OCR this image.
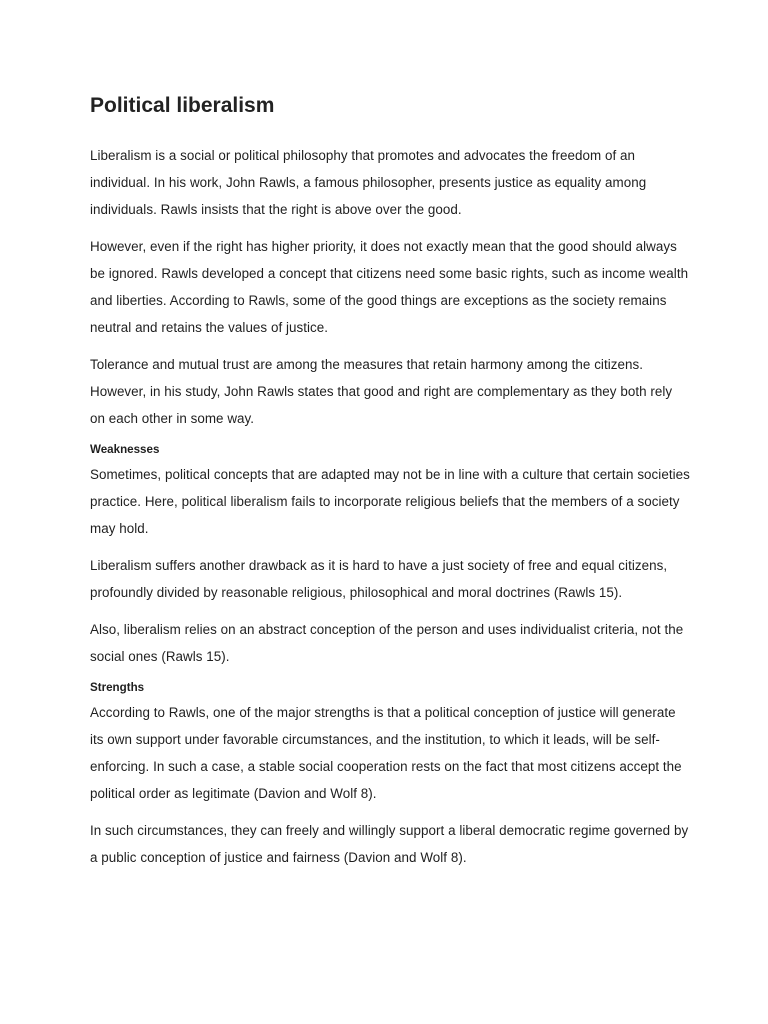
Political liberalism

Liberalism is a social or political philosophy that promotes and advocates the freedom of an individual. In his work, John Rawls, a famous philosopher, presents justice as equality among individuals. Rawls insists that the right is above over the good.

However, even if the right has higher priority, it does not exactly mean that the good should always be ignored. Rawls developed a concept that citizens need some basic rights, such as income wealth and liberties. According to Rawls, some of the good things are exceptions as the society remains neutral and retains the values of justice.

Tolerance and mutual trust are among the measures that retain harmony among the citizens. However, in his study, John Rawls states that good and right are complementary as they both rely on each other in some way.

Weaknesses

Sometimes, political concepts that are adapted may not be in line with a culture that certain societies practice. Here, political liberalism fails to incorporate religious beliefs that the members of a society may hold.

Liberalism suffers another drawback as it is hard to have a just society of free and equal citizens, profoundly divided by reasonable religious, philosophical and moral doctrines (Rawls 15).

Also, liberalism relies on an abstract conception of the person and uses individualist criteria, not the social ones (Rawls 15).

Strengths

According to Rawls, one of the major strengths is that a political conception of justice will generate its own support under favorable circumstances, and the institution, to which it leads, will be self-enforcing. In such a case, a stable social cooperation rests on the fact that most citizens accept the political order as legitimate (Davion and Wolf 8).

In such circumstances, they can freely and willingly support a liberal democratic regime governed by a public conception of justice and fairness (Davion and Wolf 8).
